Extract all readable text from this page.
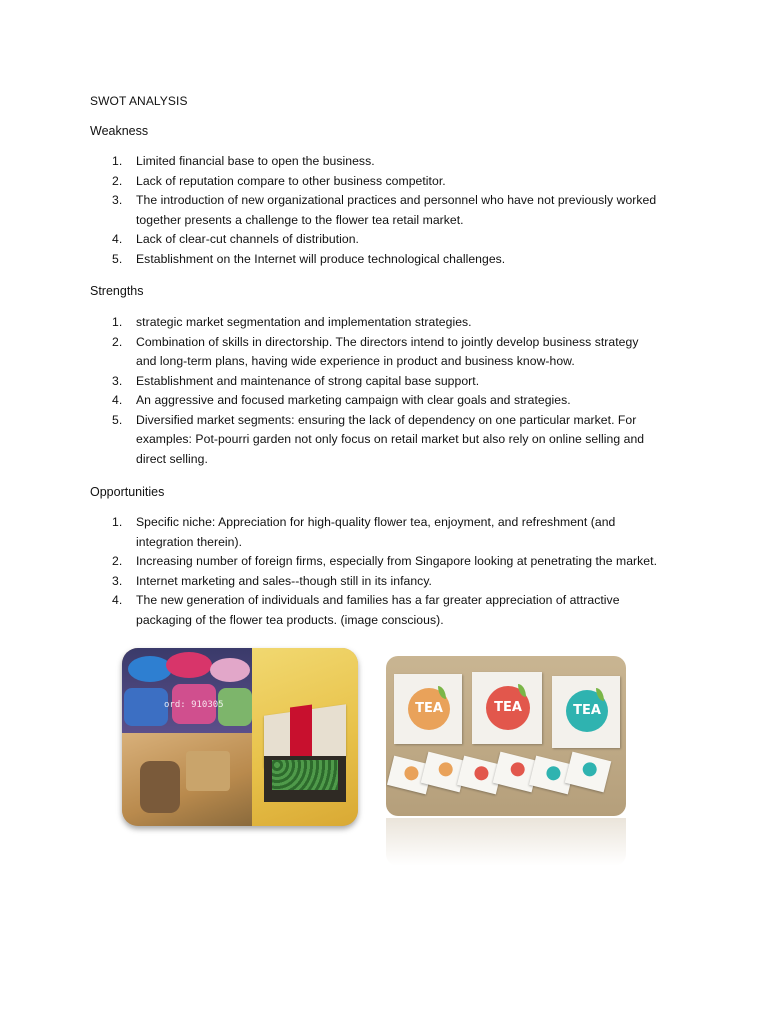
SWOT ANALYSIS
Weakness
1. Limited financial base to open the business.
2. Lack of reputation compare to other business competitor.
3. The introduction of new organizational practices and personnel who have not previously worked
together presents a challenge to the flower tea retail market.
4. Lack of clear-cut channels of distribution.
5. Establishment on the Internet will produce technological challenges.
Strengths
1. strategic market segmentation and implementation strategies.
2. Combination of skills in directorship. The directors intend to jointly develop business strategy
and long-term plans, having wide experience in product and business know-how.
3. Establishment and maintenance of strong capital base support.
4. An aggressive and focused marketing campaign with clear goals and strategies.
5. Diversified market segments: ensuring the lack of dependency on one particular market. For
examples: Pot-pourri garden not only focus on retail market but also rely on online selling and
direct selling.
Opportunities
1. Specific niche: Appreciation for high-quality flower tea, enjoyment, and refreshment (and
integration therein).
2. Increasing number of foreign firms, especially from Singapore looking at penetrating the market.
3. Internet marketing and sales--though still in its infancy.
4. The new generation of individuals and families has a far greater appreciation of attractive
packaging of the flower tea products. (image conscious).
ord: 910305	TEA	TEA	TEA
